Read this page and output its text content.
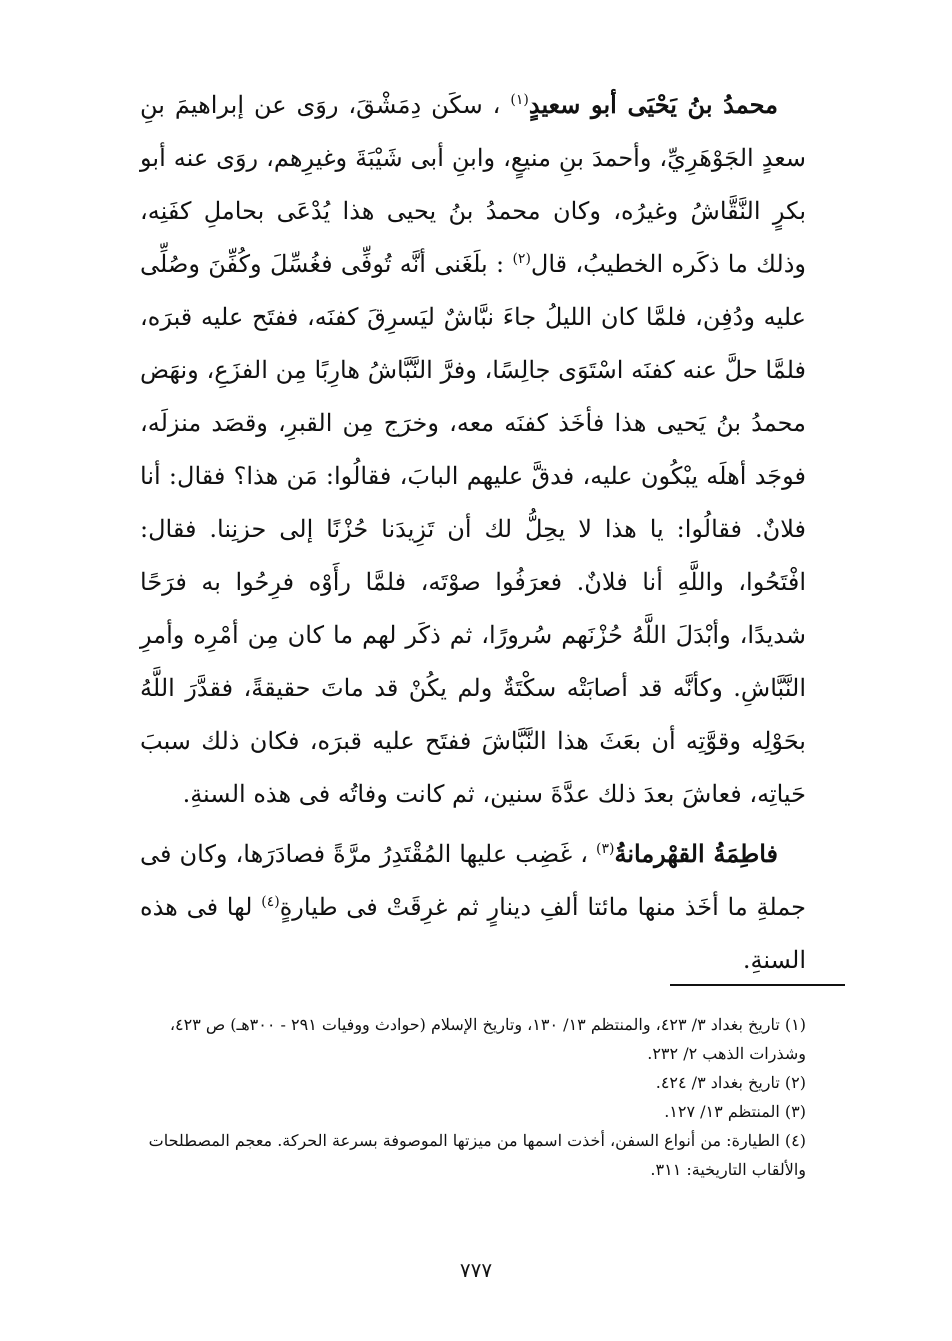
محمدُ بنُ يَحْيَى أبو سعيدٍ$^{(١)}$ ، سكَن دِمَشْقَ، روَى عن إبراهيمَ بنِ سعدٍ الجَوْهَرِيِّ، وأحمدَ بنِ منيعٍ، وابنِ أبى شَيْبَةَ وغيرِهم، روَى عنه أبو بكرٍ النَّقَّاشُ وغيرُه، وكان محمدُ بنُ يحيى هذا يُدْعَى بحاملِ كفَنِه، وذلك ما ذكَره الخطيبُ، قال$^{(٢)}$ : بلَغَنى أنَّه تُوفِّى فغُسِّلَ وكُفِّنَ وصُلِّى عليه ودُفِن، فلمَّا كان الليلُ جاءَ نبَّاشٌ ليَسرِقَ كفنَه، ففتَح عليه قبرَه، فلمَّا حلَّ عنه كفنَه اسْتَوَى جالِسًا، وفرَّ النَّبَّاشُ هارِبًا مِن الفزَعِ، ونهَض محمدُ بنُ يَحيى هذا فأخَذ كفنَه معه، وخرَج مِن القبرِ، وقصَد منزلَه، فوجَد أهلَه يبْكُون عليه، فدقَّ عليهم البابَ، فقالُوا: مَن هذا؟ فقال: أنا فلانٌ. فقالُوا: يا هذا لا يحِلُّ لك أن تَزِيدَنا حُزْنًا إلى حزنِنا. فقال: افْتَحُوا، واللَّهِ أنا فلانٌ. فعرَفُوا صوْتَه، فلمَّا رأَوْه فرِحُوا به فرَحًا شديدًا، وأبْدَلَ اللَّهُ حُزْنَهم سُرورًا، ثم ذكَر لهم ما كان مِن أمْرِه وأمرِ النَّبَّاشِ. وكأنَّه قد أصابَتْه سكْتَةٌ ولم يكُنْ قد ماتَ حقيقةً، فقدَّرَ اللَّهُ بحَوْلِه وقوَّتِه أن بعَثَ هذا النَّبَّاشَ ففتَح عليه قبرَه، فكان ذلك سببَ حَياتِه، فعاشَ بعدَ ذلك عدَّةَ سنين، ثم كانت وفاتُه فى هذه السنةِ.

فاطِمَةُ القهْرمانةُ$^{(٣)}$ ، غَضِب عليها المُقْتَدِرُ مرَّةً فصادَرَها، وكان فى جملةِ ما أخَذ منها مائتا ألفِ دينارٍ ثم غرِقَتْ فى طيارةٍ$^{(٤)}$ لها فى هذه السنةِ.

(١) تاريخ بغداد ٣/ ٤٢٣، والمنتظم ١٣/ ١٣٠، وتاريخ الإسلام (حوادث ووفيات ٢٩١ - ٣٠٠هـ) ص ٤٢٣، وشذرات الذهب ٢/ ٢٣٢.

(٢) تاريخ بغداد ٣/ ٤٢٤.

(٣) المنتظم ١٣/ ١٢٧.

(٤) الطيارة: من أنواع السفن، أخذت اسمها من ميزتها الموصوفة بسرعة الحركة. معجم المصطلحات والألقاب التاريخية: ٣١١.

٧٧٧
